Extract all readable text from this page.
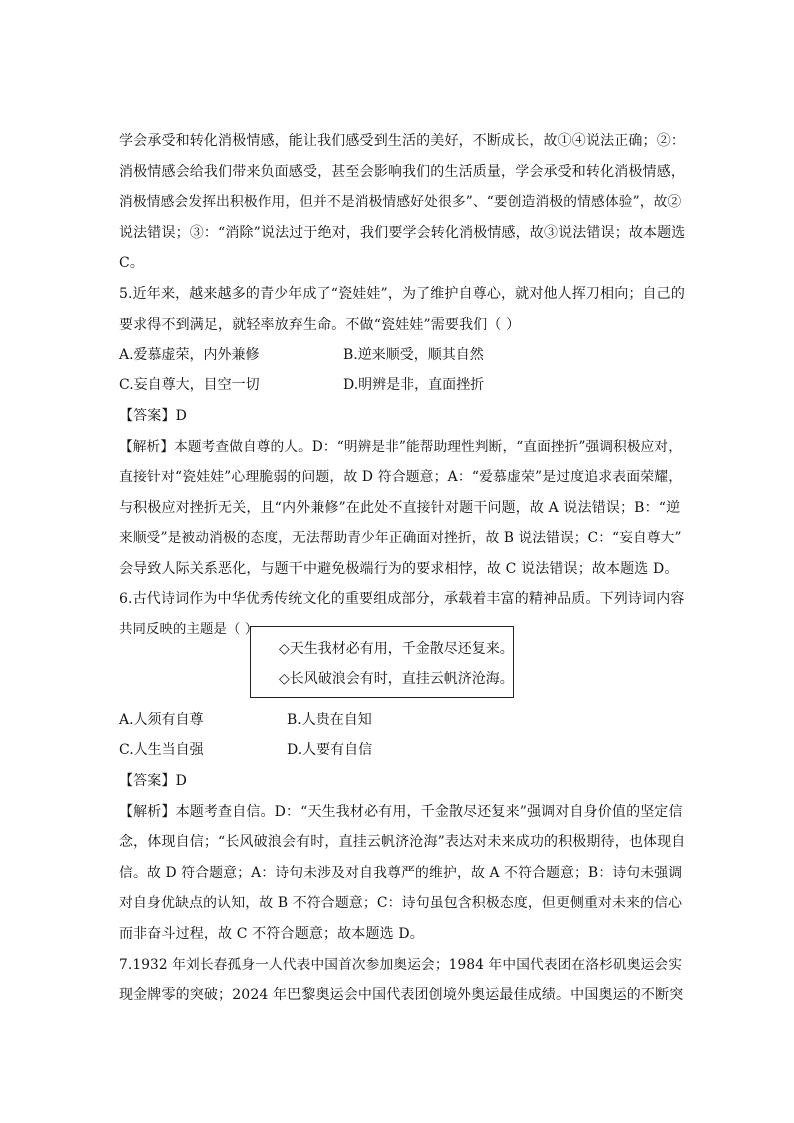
学会承受和转化消极情感，能让我们感受到生活的美好，不断成长，故①④说法正确；②：
消极情感会给我们带来负面感受，甚至会影响我们的生活质量，学会承受和转化消极情感，
消极情感会发挥出积极作用，但并不是消极情感好处很多”、“要创造消极的情感体验”，故②
说法错误；③：“消除”说法过于绝对，我们要学会转化消极情感，故③说法错误；故本题选
C。
5.近年来，越来越多的青少年成了“瓷娃娃”，为了维护自尊心，就对他人挥刀相向；自己的
要求得不到满足，就轻率放弃生命。不做“瓷娃娃”需要我们（ ）
A.爱慕虚荣，内外兼修	B.逆来顺受，顺其自然
C.妄自尊大，目空一切	D.明辨是非，直面挫折
【答案】D
【解析】本题考查做自尊的人。D：“明辨是非”能帮助理性判断，“直面挫折”强调积极应对，
直接针对“瓷娃娃”心理脆弱的问题，故 D 符合题意；A：“爱慕虚荣”是过度追求表面荣耀，
与积极应对挫折无关，且“内外兼修”在此处不直接针对题干问题，故 A 说法错误；B：“逆
来顺受”是被动消极的态度，无法帮助青少年正确面对挫折，故 B 说法错误；C：“妄自尊大”
会导致人际关系恶化，与题干中避免极端行为的要求相悖，故 C 说法错误；故本题选 D。
6.古代诗词作为中华优秀传统文化的重要组成部分，承载着丰富的精神品质。下列诗词内容
共同反映的主题是（ ）
◇天生我材必有用，千金散尽还复来。
◇长风破浪会有时，直挂云帆济沧海。
A.人须有自尊	B.人贵在自知
C.人生当自强	D.人要有自信
【答案】D
【解析】本题考查自信。D：“天生我材必有用，千金散尽还复来”强调对自身价值的坚定信
念，体现自信；“长风破浪会有时，直挂云帆济沧海”表达对未来成功的积极期待，也体现自
信。故 D 符合题意；A：诗句未涉及对自我尊严的维护，故 A 不符合题意；B：诗句未强调
对自身优缺点的认知，故 B 不符合题意；C：诗句虽包含积极态度，但更侧重对未来的信心
而非奋斗过程，故 C 不符合题意；故本题选 D。
7.1932 年刘长春孤身一人代表中国首次参加奥运会；1984 年中国代表团在洛杉矶奥运会实
现金牌零的突破；2024 年巴黎奥运会中国代表团创境外奥运最佳成绩。中国奥运的不断突
